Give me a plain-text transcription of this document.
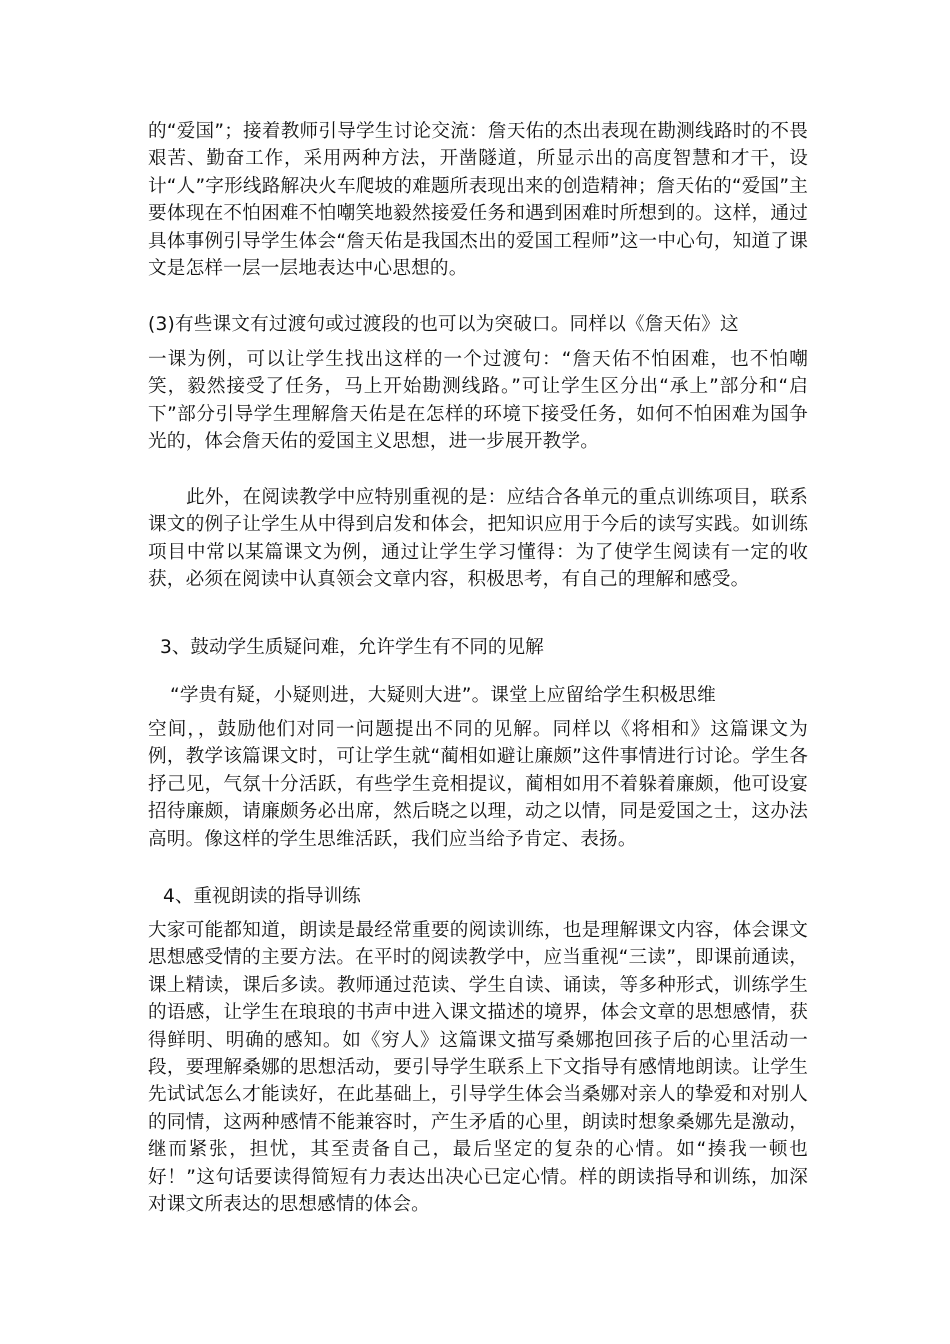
的“爱国”；接着教师引导学生讨论交流：詹天佑的杰出表现在勘测线路时的不畏艰苦、勤奋工作，采用两种方法，开凿隧道，所显示出的高度智慧和才干，设计“人”字形线路解决火车爬坡的难题所表现出来的创造精神；詹天佑的“爱国”主要体现在不怕困难不怕嘲笑地毅然接爱任务和遇到困难时所想到的。这样，通过具体事例引导学生体会“詹天佑是我国杰出的爱国工程师”这一中心句，知道了课文是怎样一层一层地表达中心思想的。

(3)有些课文有过渡句或过渡段的也可以为突破口。同样以《詹天佑》这

一课为例，可以让学生找出这样的一个过渡句：“詹天佑不怕困难，也不怕嘲笑，毅然接受了任务，马上开始勘测线路。”可让学生区分出“承上”部分和“启下”部分引导学生理解詹天佑是在怎样的环境下接受任务，如何不怕困难为国争光的，体会詹天佑的爱国主义思想，进一步展开教学。

此外，在阅读教学中应特别重视的是：应结合各单元的重点训练项目，联系课文的例子让学生从中得到启发和体会，把知识应用于今后的读写实践。如训练项目中常以某篇课文为例，通过让学生学习懂得：为了使学生阅读有一定的收获，必须在阅读中认真领会文章内容，积极思考，有自己的理解和感受。

3、鼓动学生质疑问难，允许学生有不同的见解

“学贵有疑，小疑则进，大疑则大进”。课堂上应留给学生积极思维

空间，，鼓励他们对同一问题提出不同的见解。同样以《将相和》这篇课文为例，教学该篇课文时，可让学生就“蔺相如避让廉颇”这件事情进行讨论。学生各抒己见，气氛十分活跃，有些学生竞相提议，蔺相如用不着躲着廉颇，他可设宴招待廉颇，请廉颇务必出席，然后晓之以理，动之以情，同是爱国之士，这办法高明。像这样的学生思维活跃，我们应当给予肯定、表扬。

4、重视朗读的指导训练

大家可能都知道，朗读是最经常重要的阅读训练，也是理解课文内容，体会课文思想感受情的主要方法。在平时的阅读教学中，应当重视“三读”，即课前通读，课上精读，课后多读。教师通过范读、学生自读、诵读，等多种形式，训练学生的语感，让学生在琅琅的书声中进入课文描述的境界，体会文章的思想感情，获得鲜明、明确的感知。如《穷人》这篇课文描写桑娜抱回孩子后的心里活动一段，要理解桑娜的思想活动，要引导学生联系上下文指导有感情地朗读。让学生先试试怎么才能读好，在此基础上，引导学生体会当桑娜对亲人的挚爱和对别人的同情，这两种感情不能兼容时，产生矛盾的心里，朗读时想象桑娜先是激动，继而紧张，担忧，其至责备自己，最后坚定的复杂的心情。如“揍我一顿也好！”这句话要读得简短有力表达出决心已定心情。样的朗读指导和训练，加深对课文所表达的思想感情的体会。
